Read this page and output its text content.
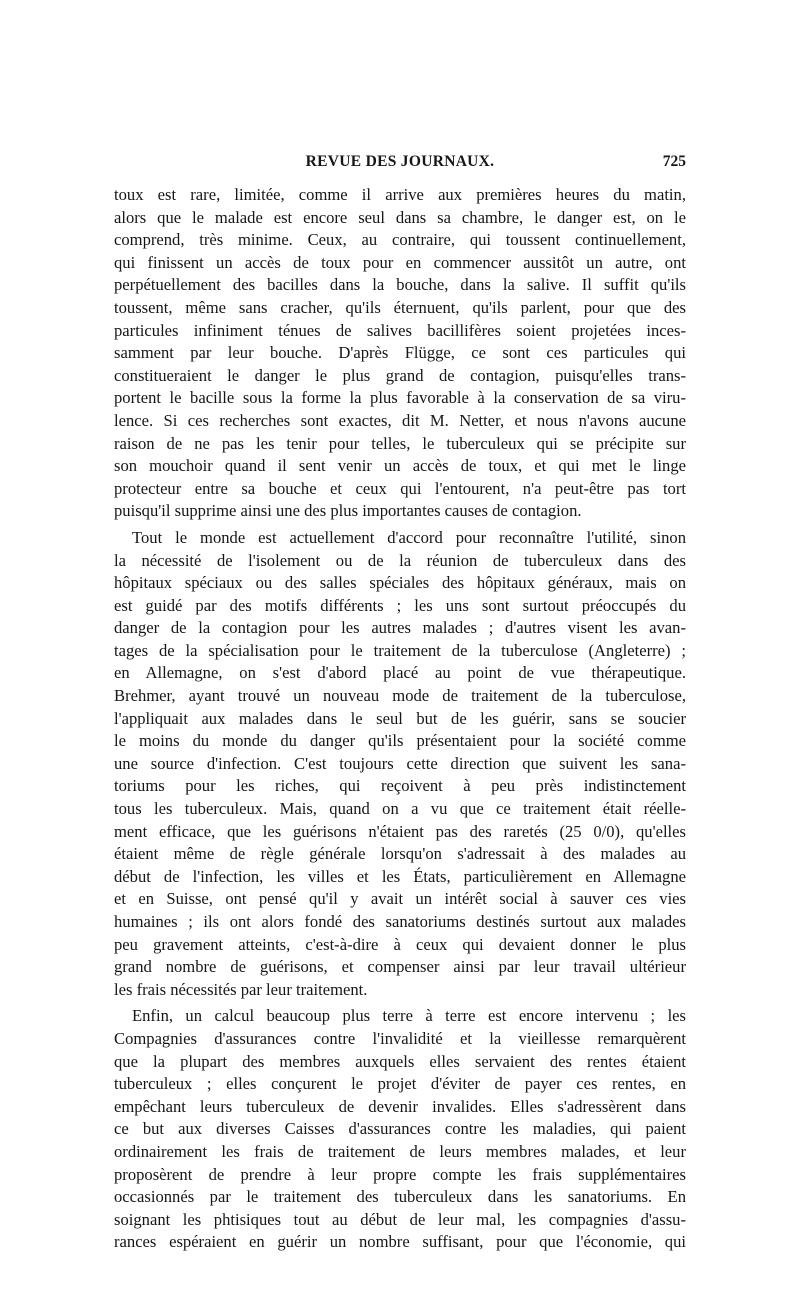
REVUE DES JOURNAUX.	725
toux est rare, limitée, comme il arrive aux premières heures du matin,
alors que le malade est encore seul dans sa chambre, le danger est, on le
comprend, très minime. Ceux, au contraire, qui toussent continuellement,
qui finissent un accès de toux pour en commencer aussitôt un autre, ont
perpétuellement des bacilles dans la bouche, dans la salive. Il suffit qu'ils
toussent, même sans cracher, qu'ils éternuent, qu'ils parlent, pour que des
particules infiniment ténues de salives bacillifères soient projetées inces-
samment par leur bouche. D'après Flügge, ce sont ces particules qui
constitueraient le danger le plus grand de contagion, puisqu'elles trans-
portent le bacille sous la forme la plus favorable à la conservation de sa viru-
lence. Si ces recherches sont exactes, dit M. Netter, et nous n'avons aucune
raison de ne pas les tenir pour telles, le tuberculeux qui se précipite sur
son mouchoir quand il sent venir un accès de toux, et qui met le linge
protecteur entre sa bouche et ceux qui l'entourent, n'a peut-être pas tort
puisqu'il supprime ainsi une des plus importantes causes de contagion.
Tout le monde est actuellement d'accord pour reconnaître l'utilité, sinon
la nécessité de l'isolement ou de la réunion de tuberculeux dans des
hôpitaux spéciaux ou des salles spéciales des hôpitaux généraux, mais on
est guidé par des motifs différents ; les uns sont surtout préoccupés du
danger de la contagion pour les autres malades ; d'autres visent les avan-
tages de la spécialisation pour le traitement de la tuberculose (Angleterre) ;
en Allemagne, on s'est d'abord placé au point de vue thérapeutique.
Brehmer, ayant trouvé un nouveau mode de traitement de la tuberculose,
l'appliquait aux malades dans le seul but de les guérir, sans se soucier
le moins du monde du danger qu'ils présentaient pour la société comme
une source d'infection. C'est toujours cette direction que suivent les sana-
toriums pour les riches, qui reçoivent à peu près indistinctement
tous les tuberculeux. Mais, quand on a vu que ce traitement était réelle-
ment efficace, que les guérisons n'étaient pas des raretés (25 0/0), qu'elles
étaient même de règle générale lorsqu'on s'adressait à des malades au
début de l'infection, les villes et les États, particulièrement en Allemagne
et en Suisse, ont pensé qu'il y avait un intérêt social à sauver ces vies
humaines ; ils ont alors fondé des sanatoriums destinés surtout aux malades
peu gravement atteints, c'est-à-dire à ceux qui devaient donner le plus
grand nombre de guérisons, et compenser ainsi par leur travail ultérieur
les frais nécessités par leur traitement.
Enfin, un calcul beaucoup plus terre à terre est encore intervenu ; les
Compagnies d'assurances contre l'invalidité et la vieillesse remarquèrent
que la plupart des membres auxquels elles servaient des rentes étaient
tuberculeux ; elles conçurent le projet d'éviter de payer ces rentes, en
empêchant leurs tuberculeux de devenir invalides. Elles s'adressèrent dans
ce but aux diverses Caisses d'assurances contre les maladies, qui paient
ordinairement les frais de traitement de leurs membres malades, et leur
proposèrent de prendre à leur propre compte les frais supplémentaires
occasionnés par le traitement des tuberculeux dans les sanatoriums. En
soignant les phtisiques tout au début de leur mal, les compagnies d'assu-
rances espéraient en guérir un nombre suffisant, pour que l'économie, qui
